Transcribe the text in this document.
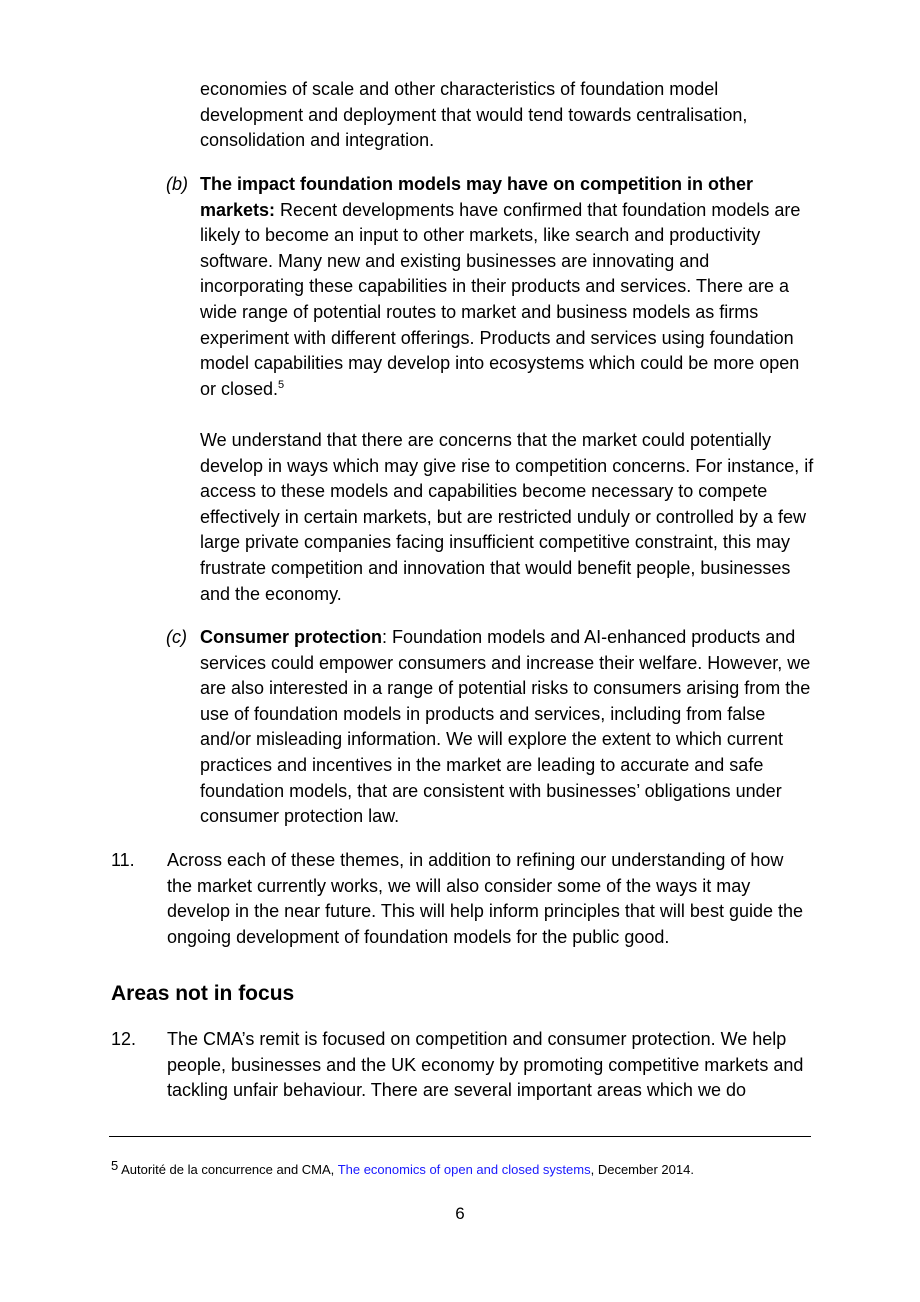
economies of scale and other characteristics of foundation model development and deployment that would tend towards centralisation, consolidation and integration.

(b) The impact foundation models may have on competition in other markets: Recent developments have confirmed that foundation models are likely to become an input to other markets, like search and productivity software. Many new and existing businesses are innovating and incorporating these capabilities in their products and services. There are a wide range of potential routes to market and business models as firms experiment with different offerings. Products and services using foundation model capabilities may develop into ecosystems which could be more open or closed.$^5$

We understand that there are concerns that the market could potentially develop in ways which may give rise to competition concerns. For instance, if access to these models and capabilities become necessary to compete effectively in certain markets, but are restricted unduly or controlled by a few large private companies facing insufficient competitive constraint, this may frustrate competition and innovation that would benefit people, businesses and the economy.

(c) Consumer protection: Foundation models and AI-enhanced products and services could empower consumers and increase their welfare. However, we are also interested in a range of potential risks to consumers arising from the use of foundation models in products and services, including from false and/or misleading information. We will explore the extent to which current practices and incentives in the market are leading to accurate and safe foundation models, that are consistent with businesses’ obligations under consumer protection law.

11. Across each of these themes, in addition to refining our understanding of how the market currently works, we will also consider some of the ways it may develop in the near future. This will help inform principles that will best guide the ongoing development of foundation models for the public good.

Areas not in focus
12. The CMA’s remit is focused on competition and consumer protection. We help people, businesses and the UK economy by promoting competitive markets and tackling unfair behaviour. There are several important areas which we do

5 Autorité de la concurrence and CMA, The economics of open and closed systems, December 2014.

6
